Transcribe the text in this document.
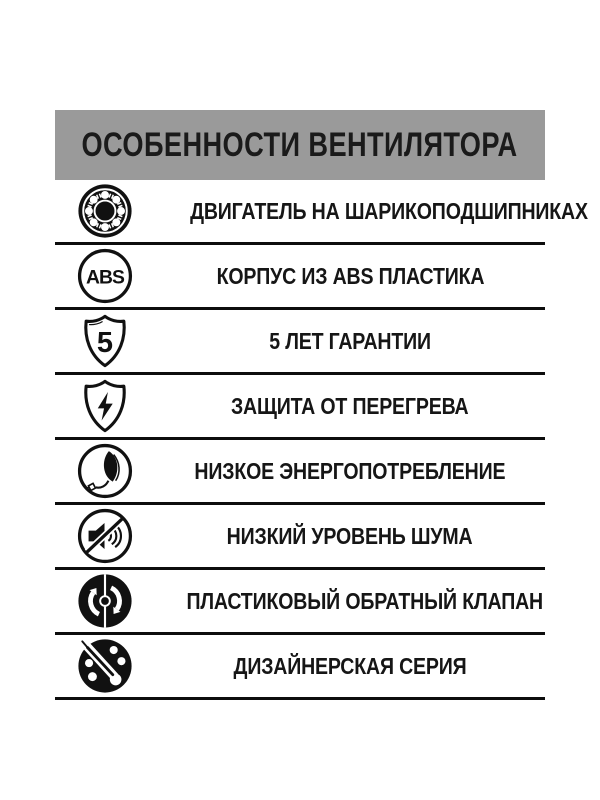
ОСОБЕННОСТИ ВЕНТИЛЯТОРА
ДВИГАТЕЛЬ НА ШАРИКОПОДШИПНИКАХ
ABS	КОРПУС ИЗ ABS ПЛАСТИКА
5	5 ЛЕТ ГАРАНТИИ
ЗАЩИТА ОТ ПЕРЕГРЕВА
НИЗКОЕ ЭНЕРГОПОТРЕБЛЕНИЕ
НИЗКИЙ УРОВЕНЬ ШУМА
ПЛАСТИКОВЫЙ ОБРАТНЫЙ КЛАПАН
ДИЗАЙНЕРСКАЯ СЕРИЯ
